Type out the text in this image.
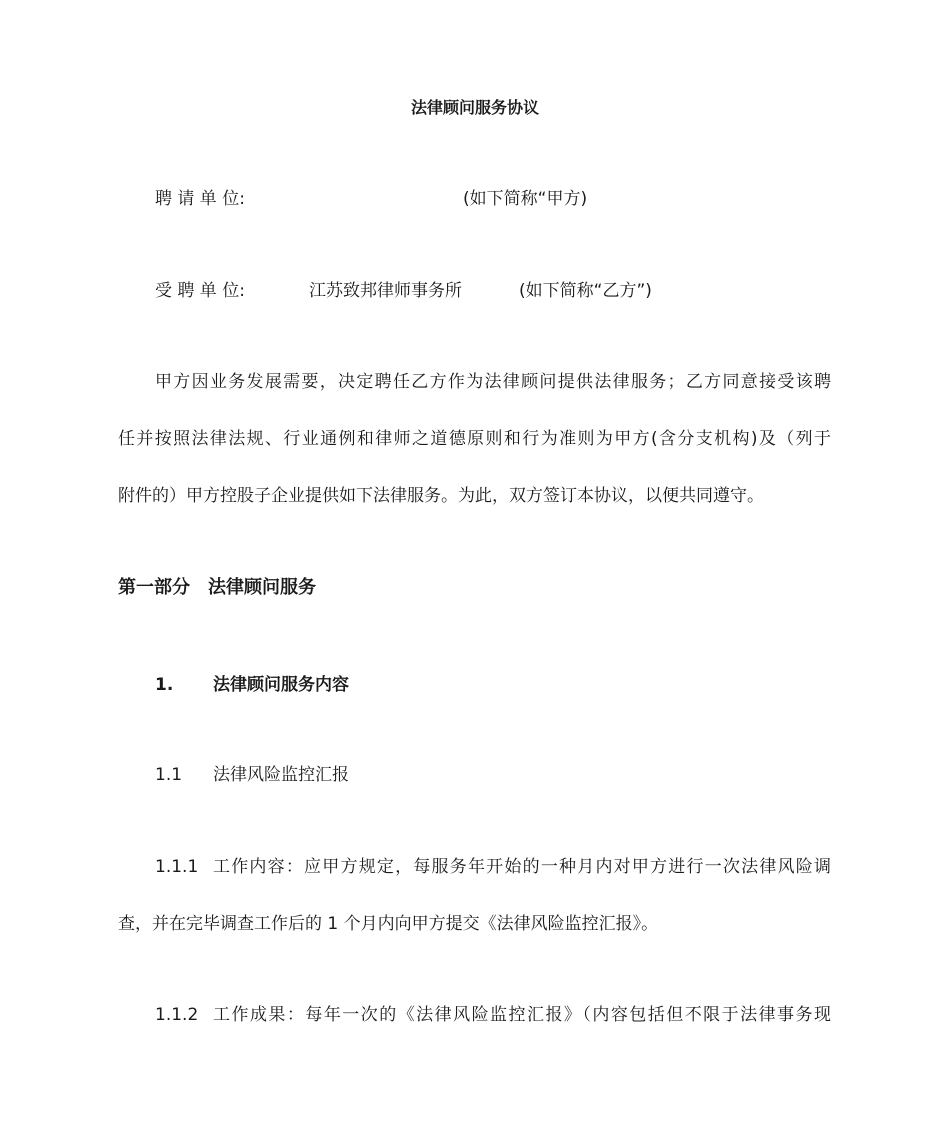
法律顾问服务协议
聘 请 单 位:	(如下简称“甲方)
受 聘 单 位:	江苏致邦律师事务所	(如下简称“乙方”)
甲方因业务发展需要，决定聘任乙方作为法律顾问提供法律服务；乙方同意接受该聘
任并按照法律法规、行业通例和律师之道德原则和行为准则为甲方(含分支机构)及（列于
附件的）甲方控股子企业提供如下法律服务。为此，双方签订本协议，以便共同遵守。
第一部分　法律顾问服务
1. 法律顾问服务内容
1.1 法律风险监控汇报
1.1.1 工作内容：应甲方规定，每服务年开始的一种月内对甲方进行一次法律风险调
查，并在完毕调查工作后的 1 个月内向甲方提交《法律风险监控汇报》。
1.1.2 工作成果：每年一次的《法律风险监控汇报》（内容包括但不限于法律事务现
